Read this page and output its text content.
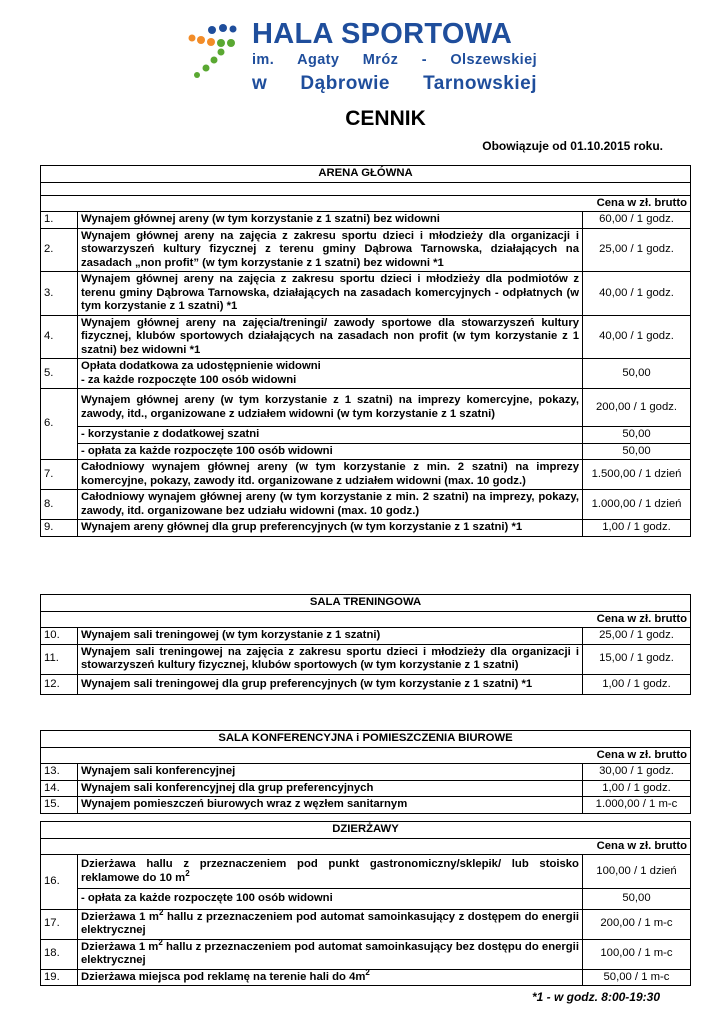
HALA SPORTOWA
im. Agaty Mróz - Olszewskiej
w Dąbrowie Tarnowskiej
CENNIK
Obowiązuje od 01.10.2015 roku.
ARENA GŁÓWNA		

Cena w zł. brutto		
1.	Wynajem głównej areny (w tym korzystanie z 1 szatni) bez widowni	60,00 / 1 godz.
2.	Wynajem głównej areny na zajęcia z zakresu sportu dzieci i młodzieży dla organizacji i stowarzyszeń kultury fizycznej z terenu gminy Dąbrowa Tarnowska, działających na zasadach „non profit” (w tym korzystanie z 1 szatni) bez widowni *1	25,00 / 1 godz.
3.	Wynajem głównej areny na zajęcia z zakresu sportu dzieci i młodzieży dla podmiotów z terenu gminy Dąbrowa Tarnowska, działających na zasadach komercyjnych - odpłatnych (w tym korzystanie z 1 szatni) *1	40,00 / 1 godz.
4.	Wynajem głównej areny na zajęcia/treningi/ zawody sportowe dla stowarzyszeń kultury fizycznej, klubów sportowych działających na zasadach non profit (w tym korzystanie z 1 szatni) bez widowni *1	40,00 / 1 godz.
5.	Opłata dodatkowa za udostępnienie widowni
- za każde rozpoczęte 100 osób widowni	50,00
6.	Wynajem głównej areny (w tym korzystanie z 1 szatni) na imprezy komercyjne, pokazy, zawody, itd., organizowane z udziałem widowni (w tym korzystanie z 1 szatni)	200,00 / 1 godz.
	- korzystanie z dodatkowej szatni	50,00
	- opłata za każde rozpoczęte 100 osób widowni	50,00
7.	Całodniowy wynajem głównej areny (w tym korzystanie z min. 2 szatni) na imprezy komercyjne, pokazy, zawody itd. organizowane z udziałem widowni (max. 10 godz.)	1.500,00 / 1 dzień
8.	Całodniowy wynajem głównej areny (w tym korzystanie z min. 2 szatni) na imprezy, pokazy, zawody, itd. organizowane bez udziału widowni (max. 10 godz.)	1.000,00 / 1 dzień
9.	Wynajem areny głównej dla grup preferencyjnych (w tym korzystanie z 1 szatni) *1	1,00 / 1 godz.
SALA TRENINGOWA		
Cena w zł. brutto		
10.	Wynajem sali treningowej (w tym korzystanie z 1 szatni)	25,00 / 1 godz.
11.	Wynajem sali treningowej na zajęcia z zakresu sportu dzieci i młodzieży dla organizacji i stowarzyszeń kultury fizycznej, klubów sportowych (w tym korzystanie z 1 szatni)	15,00 / 1 godz.
12.	Wynajem sali treningowej dla grup preferencyjnych (w tym korzystanie z 1 szatni) *1	1,00 / 1 godz.
SALA KONFERENCYJNA i POMIESZCZENIA BIUROWE		
Cena w zł. brutto		
13.	Wynajem sali konferencyjnej	30,00 / 1 godz.
14.	Wynajem sali konferencyjnej dla grup preferencyjnych	1,00 / 1 godz.
15.	Wynajem pomieszczeń biurowych wraz z węzłem sanitarnym	1.000,00 / 1 m-c
DZIERŻAWY		
Cena w zł. brutto		
16.	Dzierżawa hallu z przeznaczeniem pod punkt gastronomiczny/sklepik/ lub stoisko reklamowe do 10 $m^2$	100,00 / 1 dzień
	- opłata za każde rozpoczęte 100 osób widowni	50,00
17.	Dzierżawa 1 $m^2$ hallu z przeznaczeniem pod automat samoinkasujący z dostępem do energii elektrycznej	200,00 / 1 m-c
18.	Dzierżawa 1 $m^2$ hallu z przeznaczeniem pod automat samoinkasujący bez dostępu do energii elektrycznej	100,00 / 1 m-c
19.	Dzierżawa miejsca pod reklamę na terenie hali do $4m^2$	50,00 / 1 m-c
*1 - w godz. 8:00-19:30
